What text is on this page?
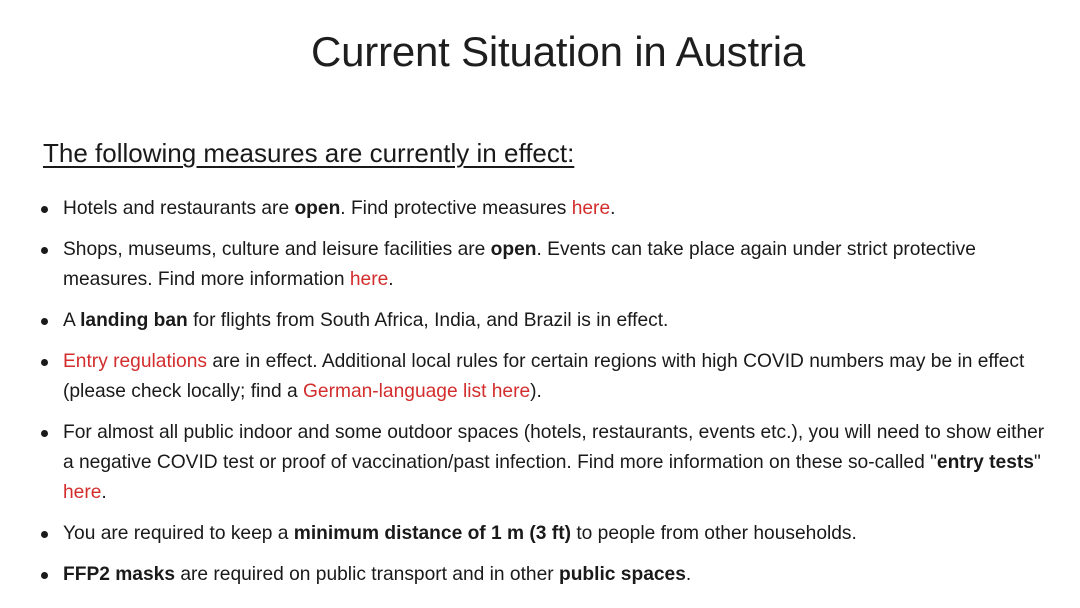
Current Situation in Austria
The following measures are currently in effect:
Hotels and restaurants are open. Find protective measures here.
Shops, museums, culture and leisure facilities are open. Events can take place again under strict protective measures. Find more information here.
A landing ban for flights from South Africa, India, and Brazil is in effect.
Entry regulations are in effect. Additional local rules for certain regions with high COVID numbers may be in effect (please check locally; find a German-language list here).
For almost all public indoor and some outdoor spaces (hotels, restaurants, events etc.), you will need to show either a negative COVID test or proof of vaccination/past infection. Find more information on these so-called "entry tests" here.
You are required to keep a minimum distance of 1 m (3 ft) to people from other households.
FFP2 masks are required on public transport and in other public spaces.
